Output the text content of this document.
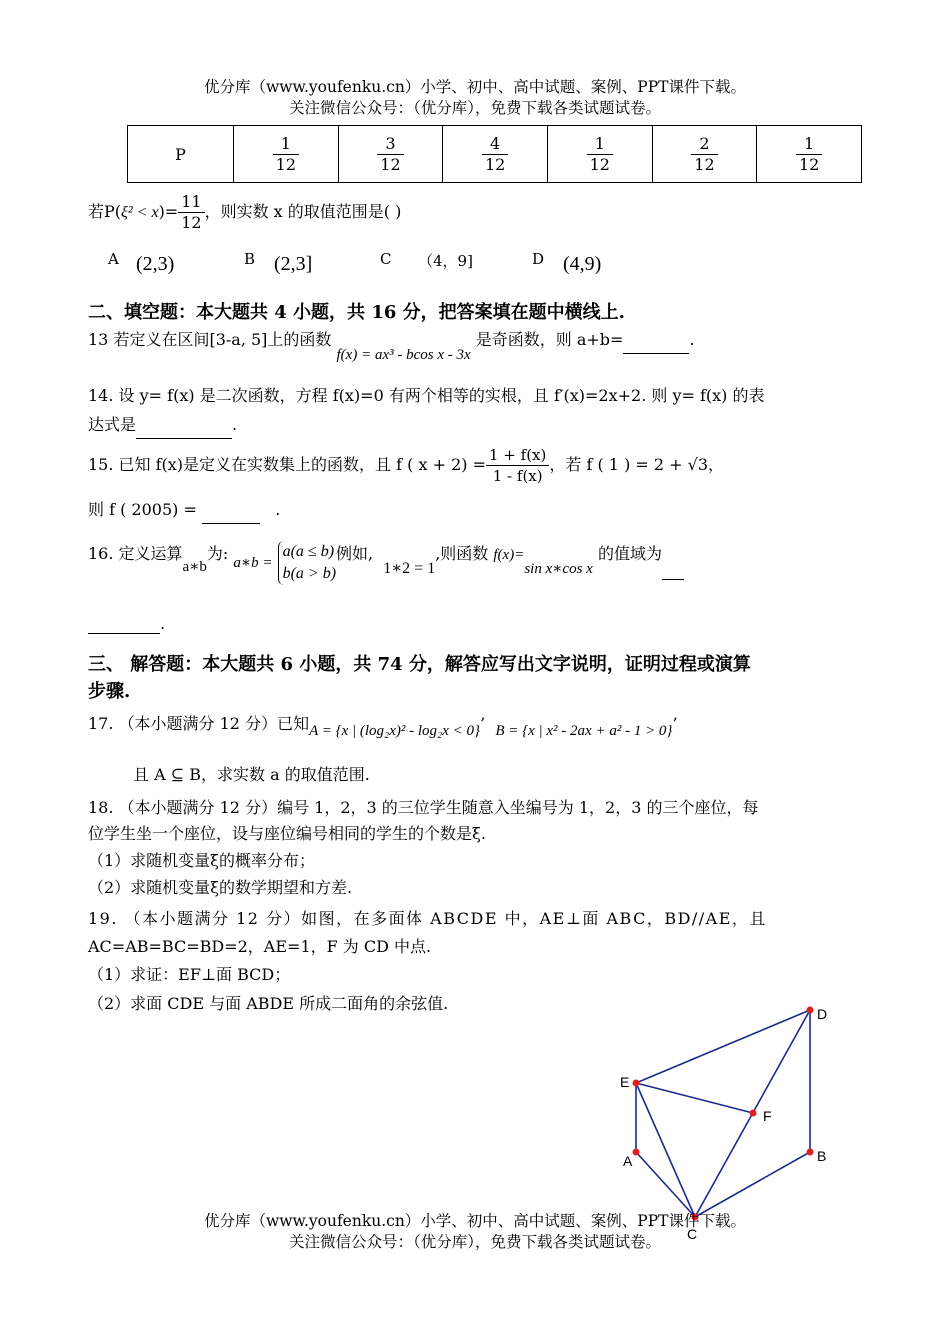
优分库（www.youfenku.cn）小学、初中、高中试题、案例、PPT课件下载。
关注微信公众号：（优分库），免费下载各类试题试卷。
P	$\frac{1}{12}$	$\frac{3}{12}$	$\frac{4}{12}$	$\frac{1}{12}$	$\frac{2}{12}$	$\frac{1}{12}$
若$P(\xi^2 < x)= \frac{11}{12}$ ，则实数 x 的取值范围是( )
A (2,3)	B (2,3]	C （4，9]	D (4,9)
二、填空题：本大题共 4 小题，共 16 分，把答案填在题中横线上.
13 若定义在区间[3-a, 5]上的函数 f(x) = ax³ - bcos x - 3x 是奇函数，则 a+b=	.
14. 设 y= f(x) 是二次函数，方程 f(x)=0 有两个相等的实根，且 f′(x)=2x+2. 则 y= f(x) 的表
达式是	.
15. 已知 f(x)是定义在实数集上的函数，且 f ( $x + 2) = \frac{1 + f(x)}{1 - f(x)}$ ，若 f ( 1 ) = 2 + √3，
则 f ( 2005) =	.
16. 定义运算a∗b为: a∗b =
a(a ≤ b)
b(a > b)
例如,  1∗2 = 1,则函数 f(x)=sin x∗cos x 的值域为
.
三、 解答题：本大题共 6 小题，共 74 分，解答应写出文字说明，证明过程或演算
步骤.
17. （本小题满分 12 分）已知A = {x | (log₂x)² - log₂x < 0}’ B = {x | x² - 2ax + a² - 1 > 0}’
且 A ⊆ B，求实数 a 的取值范围.
18. （本小题满分 12 分）编号 1，2，3 的三位学生随意入坐编号为 1，2，3 的三个座位，每
位学生坐一个座位，设与座位编号相同的学生的个数是ξ.
（1）求随机变量ξ的概率分布；
（2）求随机变量ξ的数学期望和方差.
19. （本小题满分 12 分）如图，在多面体 ABCDE 中，AE⊥面 ABC，BD//AE，且
AC=AB=BC=BD=2，AE=1，F 为 CD 中点.
（1）求证：EF⊥面 BCD；
（2）求面 CDE 与面 ABDE 所成二面角的余弦值.
D
E
F
A	B
C
优分库（www.youfenku.cn）小学、初中、高中试题、案例、PPT课件下载。
关注微信公众号：（优分库），免费下载各类试题试卷。
